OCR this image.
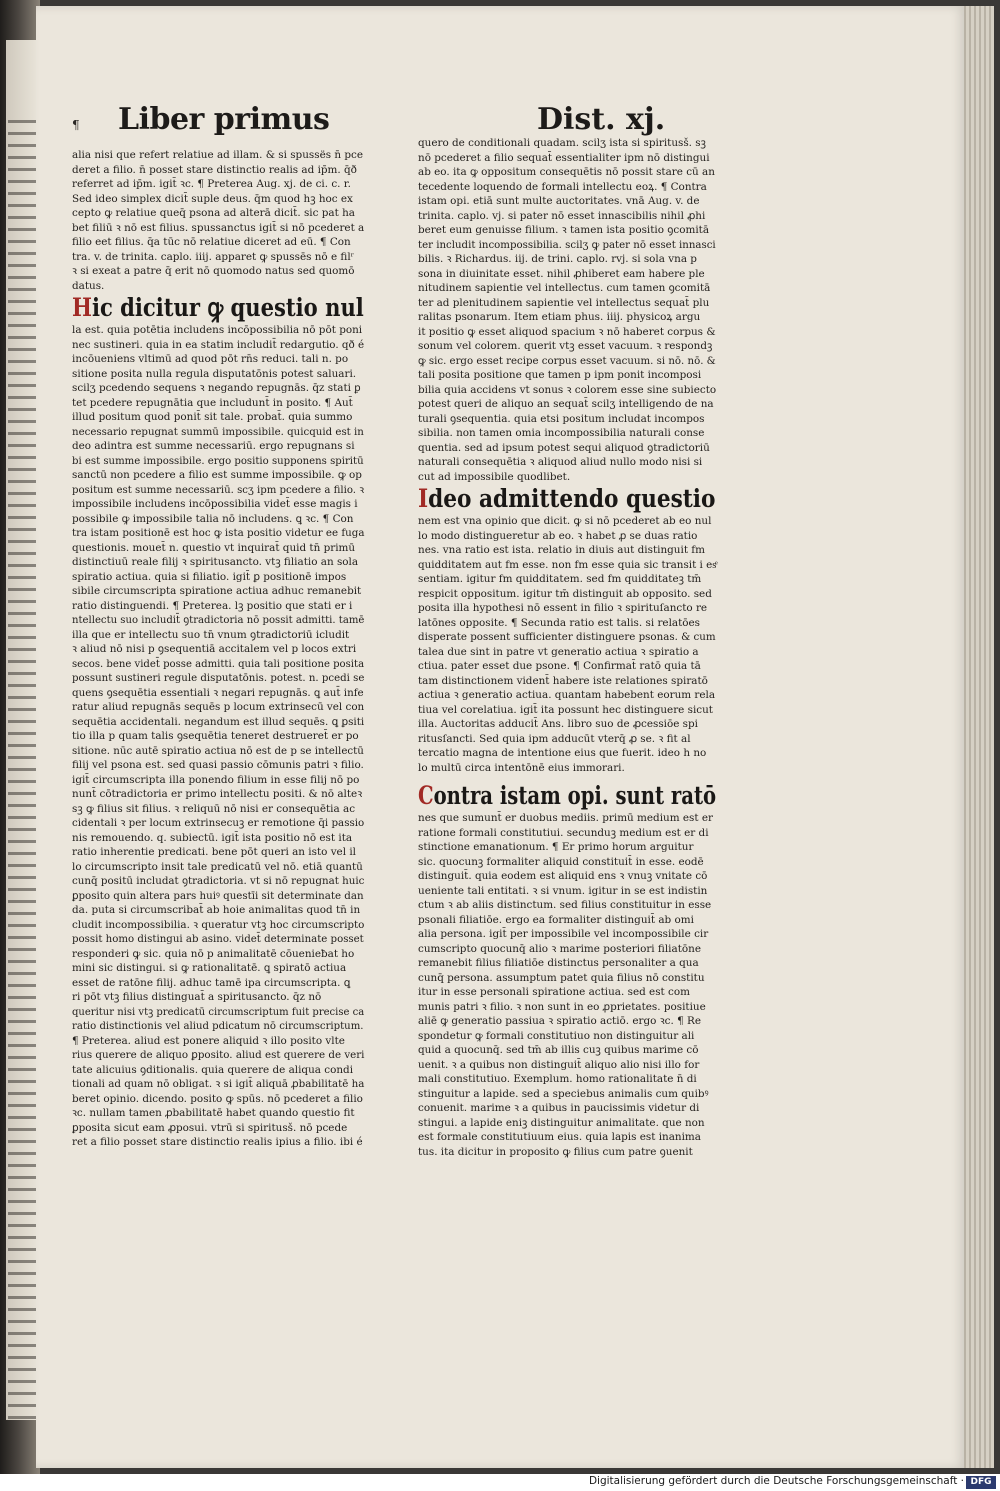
¶ Liber primus	Dist. xj.
alia nisi que refert relatiue ad illam. & si spussës n̄ pce
deret a filio. n̄ posset stare distinctio realis ad ip̄m. q̄ð
referret ad ip̄m. igit̄ ꝛc. ¶ Preterea Aug. xj. de ci. c. r.
Sed ideo simplex dicit̄ suple deus. q̄m quod hꝫ hoc ex
cepto ꝙ relatiue queq̄ psona ad alterā dicit̄. sic pat ha
bet filiū ꝛ nō est filius. spussanctus igit̄ si nō pcederet a
filio eet filius. q̄a tūc nō relatiue diceret ad eū. ¶ Con
tra. v. de trinita. caplo. iiij. apparet ꝙ spussēs nō e filʳ
ꝛ si exeat a patre q̄ erit nō quomodo natus sed quomō
datus.
Hic dicitur ꝙ questio nul
la est. quia potētia includens incōpossibilia nō pōt poni
nec sustineri. quia in ea statim includit̄ redargutio. qð é
incōueniens vltimū ad quod pōt rn̄s reduci. tali n. po
sitione posita nulla regula disputatōnis potest saluari.
scilʒ pcedendo sequens ꝛ negando repugnās. q̄z stati ꝑ
tet pcedere repugnātia que includunt̄ in posito. ¶ Aut̄
illud positum quod ponit̄ sit tale. probat̄. quia summo
necessario repugnat summū impossibile. quicquid est in
deo adintra est summe necessariū. ergo repugnans si
bi est summe impossibile. ergo positio supponens spiritū
sanctū non pcedere a filio est summe impossibile. ꝙ op
positum est summe necessariū. scʒ ipm pcedere a filio. ꝛ
impossibile includens incōpossibilia videt̄ esse magis i
possibile ꝙ impossibile talia nō includens. ꝗ ꝛc. ¶ Con
tra istam positionē est hoc ꝙ ista positio videtur ee fuga
questionis. mouet̄ n. questio vt inquirat̄ quid tn̄ primū
distinctiuū reale filij ꝛ spiritusancto. vtꝫ filiatio an sola
spiratio actiua. quia si filiatio. igit̄ ꝑ positionē impos
sibile circumscripta spiratione actiua adhuc remanebit
ratio distinguendi. ¶ Preterea. lꝫ positio que stati er i
ntellectu suo includit̄ ꝯtradictoria nō possit admitti. tamē
illa que er intellectu suo tn̄ vnum ꝯtradictoriū icludit
ꝛ aliud nō nisi p ꝯsequentiā accitalem vel p locos extri
secos. bene videt̄ posse admitti. quia tali positione posita
possunt sustineri regule disputatōnis. potest. n. pcedi se
quens ꝯsequētia essentiali ꝛ negari repugnās. ꝗ aut̄ infe
ratur aliud repugnās sequēs p locum extrinsecū vel con
sequētia accidentali. negandum est illud sequēs. ꝗ ꝑsiti
tio illa p quam talis ꝯsequētia teneret destrueret̄ er po
sitione. nūc autē spiratio actiua nō est de p se intellectū
filij vel psona est. sed quasi passio cōmunis patri ꝛ filio.
igit̄ circumscripta illa ponendo filium in esse filij nō po
nunt̄ cōtradictoria er primo intellectu positi. & nō alteꝛ
sꝫ ꝙ filius sit filius. ꝛ reliquū nō nisi er consequētia ac
cidentali ꝛ per locum extrinsecuꝫ er remotione q̄i passio
nis remouendo. q. subiectū. igit̄ ista positio nō est ita
ratio inherentie predicati. bene pōt queri an isto vel il
lo circumscripto insit tale predicatū vel nō. etiā quantū
cunq̄ positū includat ꝯtradictoria. vt si nō repugnat huic
ꝑposito quin altera pars huiꝰ questīi sit determinate dan
da. puta si circumscribat̄ ab hoie animalitas quod tn̄ in
cludit incompossibilia. ꝛ queratur vtꝫ hoc circumscripto
possit homo distingui ab asino. videt̄ determinate posset
responderi ꝙ sic. quia nō p animalitatē cōuenieƀat ho
mini sic distingui. si ꝙ rationalitatē. ꝗ spiratō actiua
esset de ratōne filij. adhuc tamē ipa circumscripta. ꝗ
ri pōt vtꝫ filius distinguat̄ a spiritusancto. q̄z nō
queritur nisi vtꝫ predicatū circumscriptum fuit precise ca
ratio distinctionis vel aliud pdicatum nō circumscriptum.
¶ Preterea. aliud est ponere aliquid ꝛ illo posito vlte
rius querere de aliquo ꝑposito. aliud est querere de veri
tate alicuius ꝯditionalis. quia querere de aliqua condi
tionali ad quam nō obligat. ꝛ si igit̄ aliquā ꝓbabilitatē ha
beret opinio. dicendo. posito ꝙ spūs. nō pcederet a filio
ꝛc. nullam tamen ꝓbabilitatē habet quando questio fit
ꝑposita sicut eam ꝓposui. vtrū si spiritusš. nō pcede
ret a filio posset stare distinctio realis ipius a filio. ibi é
quero de conditionali quadam. scilʒ ista si spiritusš. sꝫ
nō pcederet a filio sequat̄ essentialiter ipm nō distingui
ab eo. ita ꝙ oppositum consequētis nō possit stare cū an
tecedente loquendo de formali intellectu eoꝝ. ¶ Contra
istam opi. etiā sunt multe auctoritates. vnā Aug. v. de
trinita. caplo. vj. si pater nō esset innascibilis nihil ꝓhi
beret eum genuisse filium. ꝛ tamen ista positio ꝯcomitā
ter includit incompossibilia. scilʒ ꝙ pater nō esset innasci
bilis. ꝛ Richardus. iij. de trini. caplo. rvj. si sola vna p
sona in diuinitate esset. nihil ꝓhiberet eam habere ple
nitudinem sapientie vel intellectus. cum tamen ꝯcomitā
ter ad plenitudinem sapientie vel intellectus sequat̄ plu
ralitas psonarum. Item etiam phus. iiij. physicoꝝ argu
it positio ꝙ esset aliquod spacium ꝛ nō haberet corpus &
sonum vel colorem. querit vtꝫ esset vacuum. ꝛ respondꝫ
ꝙ sic. ergo esset recipe corpus esset vacuum. si nō. nō. &
tali posita positione que tamen p ipm ponit incomposi
bilia quia accidens vt sonus ꝛ colorem esse sine subiecto
potest queri de aliquo an sequat̄ scilʒ intelligendo de na
turali ꝯsequentia. quia etsi positum includat incompos
sibilia. non tamen omia incompossibilia naturali conse
quentia. sed ad ipsum potest sequi aliquod ꝯtradictoriū
naturali consequētia ꝛ aliquod aliud nullo modo nisi si
cut ad impossibile quodlibet.
Ideo admittendo questio
nem est vna opinio que dicit. ꝙ si nō pcederet ab eo nul
lo modo distingueretur ab eo. ꝛ habet ꝓ se duas ratio
nes. vna ratio est ista. relatio in diuis aut distinguit fm
quidditatem aut fm esse. non fm esse quia sic transit i esͤ
sentiam. igitur fm quidditatem. sed fm quidditateꝫ tm̄
respicit oppositum. igitur tm̄ distinguit ab opposito. sed
posita illa hypothesi nō essent in filio ꝛ spirituſancto re
latōnes opposite. ¶ Secunda ratio est talis. si relatōes
disperate possent sufficienter distinguere psonas. & cum
talea due sint in patre vt generatio actiua ꝛ spiratio a
ctiua. pater esset due psone. ¶ Confirmat̄ ratō quia tā
tam distinctionem vident̄ habere iste relationes spiratō
actiua ꝛ generatio actiua. quantam habebent eorum rela
tiua vel corelatiua. igit̄ ita possunt hec distinguere sicut
illa. Auctoritas adducit̄ Ans. libro suo de ꝓcessiōe spi
ritusſancti. Sed quia ipm adducūt vterq̄ ꝓ se. ꝛ fit al
tercatio magna de intentione eius que fuerit. ideo h no
lo multū circa intentōnē eius immorari.
Contra istam opi. sunt ratō
nes que sumunt̄ er duobus mediis. primū medium est er
ratione formali constitutiui. secunduꝫ medium est er di
stinctione emanationum. ¶ Er primo horum arguitur
sic. quocunꝫ formaliter aliquid constituit̄ in esse. eodē
distinguit̄. quia eodem est aliquid ens ꝛ vnuꝫ vnitate cō
ueniente tali entitati. ꝛ si vnum. igitur in se est indistin
ctum ꝛ ab aliis distinctum. sed filius constituitur in esse
psonali filiatiōe. ergo ea formaliter distinguit̄ ab omi
alia persona. igit̄ per impossibile vel incompossibile cir
cumscripto quocunq̄ alio ꝛ marime posteriori filiatōne
remanebit filius filiatiōe distinctus personaliter a qua
cunq̄ persona. assumptum patet quia filius nō constitu
itur in esse personali spiratione actiua. sed est com
munis patri ꝛ filio. ꝛ non sunt in eo ꝓprietates. positiue
aliē ꝙ generatio passiua ꝛ spiratio actiō. ergo ꝛc. ¶ Re
spondetur ꝙ formali constitutiuo non distinguitur ali
quid a quocunq̄. sed tm̄ ab illis cuꝫ quibus marime cō
uenit. ꝛ a quibus non distinguit̄ aliquo alio nisi illo for
mali constitutiuo. Exemplum. homo rationalitate n̄ di
stinguitur a lapide. sed a speciebus animalis cum quibꝰ
conuenit. marime ꝛ a quibus in paucissimis videtur di
stingui. a lapide eniꝫ distinguitur animalitate. que non
est formale constitutiuum eius. quia lapis est inanima
tus. ita dicitur in proposito ꝙ filius cum patre ꝯuenit
Digitalisierung gefördert durch die Deutsche Forschungsgemeinschaft · DFG
